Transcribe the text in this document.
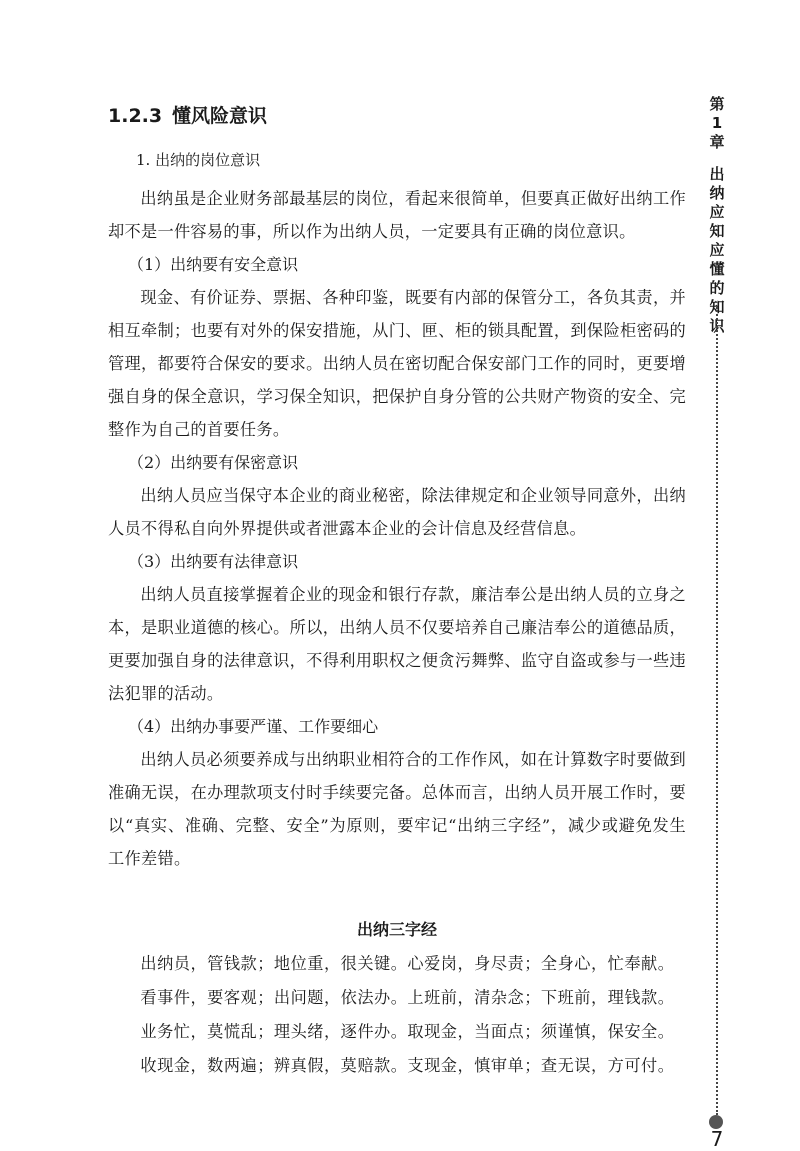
1.2.3 懂风险意识
1. 出纳的岗位意识

出纳虽是企业财务部最基层的岗位，看起来很简单，但要真正做好出纳工作却不是一件容易的事，所以作为出纳人员，一定要具有正确的岗位意识。

（1）出纳要有安全意识

现金、有价证券、票据、各种印鉴，既要有内部的保管分工，各负其责，并相互牵制；也要有对外的保安措施，从门、匣、柜的锁具配置，到保险柜密码的管理，都要符合保安的要求。出纳人员在密切配合保安部门工作的同时，更要增强自身的保全意识，学习保全知识，把保护自身分管的公共财产物资的安全、完整作为自己的首要任务。

（2）出纳要有保密意识

出纳人员应当保守本企业的商业秘密，除法律规定和企业领导同意外，出纳人员不得私自向外界提供或者泄露本企业的会计信息及经营信息。

（3）出纳要有法律意识

出纳人员直接掌握着企业的现金和银行存款，廉洁奉公是出纳人员的立身之本，是职业道德的核心。所以，出纳人员不仅要培养自己廉洁奉公的道德品质，更要加强自身的法律意识，不得利用职权之便贪污舞弊、监守自盗或参与一些违法犯罪的活动。

（4）出纳办事要严谨、工作要细心

出纳人员必须要养成与出纳职业相符合的工作作风，如在计算数字时要做到准确无误，在办理款项支付时手续要完备。总体而言，出纳人员开展工作时，要以“真实、准确、完整、安全”为原则，要牢记“出纳三字经”，减少或避免发生工作差错。

出纳三字经

出纳员，管钱款；地位重，很关键。心爱岗，身尽责；全身心，忙奉献。

看事件，要客观；出问题，依法办。上班前，清杂念；下班前，理钱款。

业务忙，莫慌乱；理头绪，逐件办。取现金，当面点；须谨慎，保安全。

收现金，数两遍；辨真假，莫赔款。支现金，慎审单；查无误，方可付。

第1章
出纳应知应懂的知识
7
